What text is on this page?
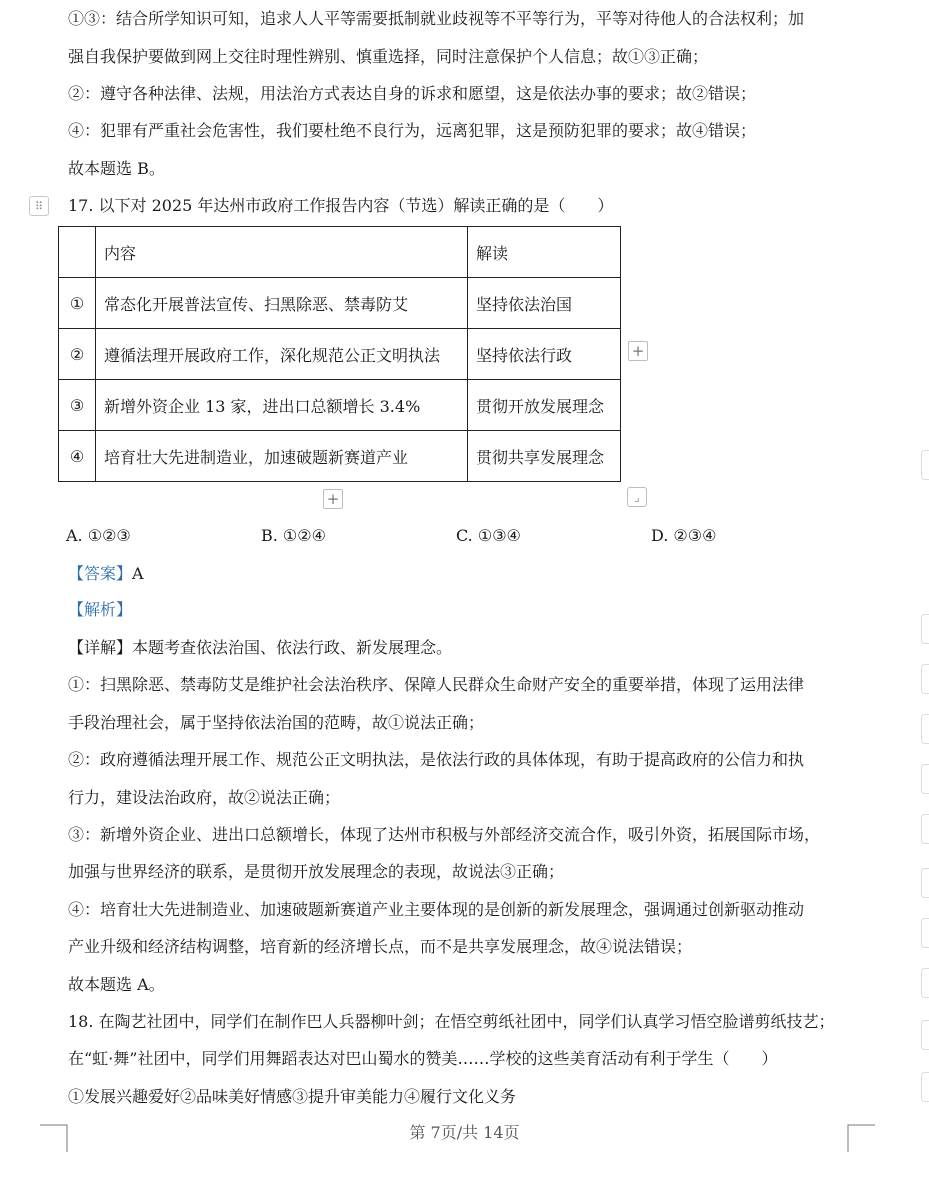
①③：结合所学知识可知，追求人人平等需要抵制就业歧视等不平等行为，平等对待他人的合法权利；加
强自我保护要做到网上交往时理性辨别、慎重选择，同时注意保护个人信息；故①③正确；
②：遵守各种法律、法规，用法治方式表达自身的诉求和愿望，这是依法办事的要求；故②错误；
④：犯罪有严重社会危害性，我们要杜绝不良行为，远离犯罪，这是预防犯罪的要求；故④错误；
故本题选 B。
⠿	17. 以下对 2025 年达州市政府工作报告内容（节选）解读正确的是（　　）
	内容	解读
①	常态化开展普法宣传、扫黑除恶、禁毒防艾	坚持依法治国
②	遵循法理开展政府工作，深化规范公正文明执法	坚持依法行政
③	新增外资企业 13 家，进出口总额增长 3.4%	贯彻开放发展理念
④	培育壮大先进制造业，加速破题新赛道产业	贯彻共享发展理念
+
+	⌟
A. ①②③	B. ①②④	C. ①③④	D. ②③④
【答案】A
【解析】
【详解】本题考查依法治国、依法行政、新发展理念。
①：扫黑除恶、禁毒防艾是维护社会法治秩序、保障人民群众生命财产安全的重要举措，体现了运用法律
手段治理社会，属于坚持依法治国的范畴，故①说法正确；
②：政府遵循法理开展工作、规范公正文明执法，是依法行政的具体体现，有助于提高政府的公信力和执
行力，建设法治政府，故②说法正确；
③：新增外资企业、进出口总额增长，体现了达州市积极与外部经济交流合作，吸引外资，拓展国际市场，
加强与世界经济的联系，是贯彻开放发展理念的表现，故说法③正确；
④：培育壮大先进制造业、加速破题新赛道产业主要体现的是创新的新发展理念，强调通过创新驱动推动
产业升级和经济结构调整，培育新的经济增长点，而不是共享发展理念，故④说法错误；
故本题选 A。
18. 在陶艺社团中，同学们在制作巴人兵器柳叶剑；在悟空剪纸社团中，同学们认真学习悟空脸谱剪纸技艺；
在“虹·舞”社团中，同学们用舞蹈表达对巴山蜀水的赞美……学校的这些美育活动有利于学生（　　）
①发展兴趣爱好②品味美好情感③提升审美能力④履行文化义务
第 7页/共 14页
